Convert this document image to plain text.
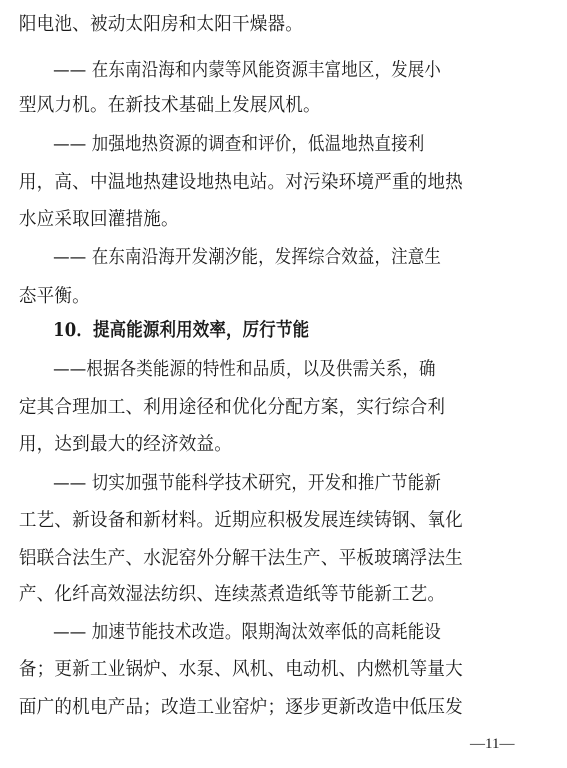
阳电池、被动太阳房和太阳干燥器。
—— 在东南沿海和内蒙等风能资源丰富地区，发展小
型风力机。在新技术基础上发展风机。
—— 加强地热资源的调查和评价，低温地热直接利
用，高、中温地热建设地热电站。对污染环境严重的地热
水应采取回灌措施。
—— 在东南沿海开发潮汐能，发挥综合效益，注意生
态平衡。
10．提高能源利用效率，厉行节能
——根据各类能源的特性和品质，以及供需关系，确
定其合理加工、利用途径和优化分配方案，实行综合利
用，达到最大的经济效益。
—— 切实加强节能科学技术研究，开发和推广节能新
工艺、新设备和新材料。近期应积极发展连续铸钢、氧化
铝联合法生产、水泥窑外分解干法生产、平板玻璃浮法生
产、化纤高效湿法纺织、连续蒸煮造纸等节能新工艺。
—— 加速节能技术改造。限期淘汰效率低的高耗能设
备；更新工业锅炉、水泵、风机、电动机、内燃机等量大
面广的机电产品；改造工业窑炉；逐步更新改造中低压发
—11—
